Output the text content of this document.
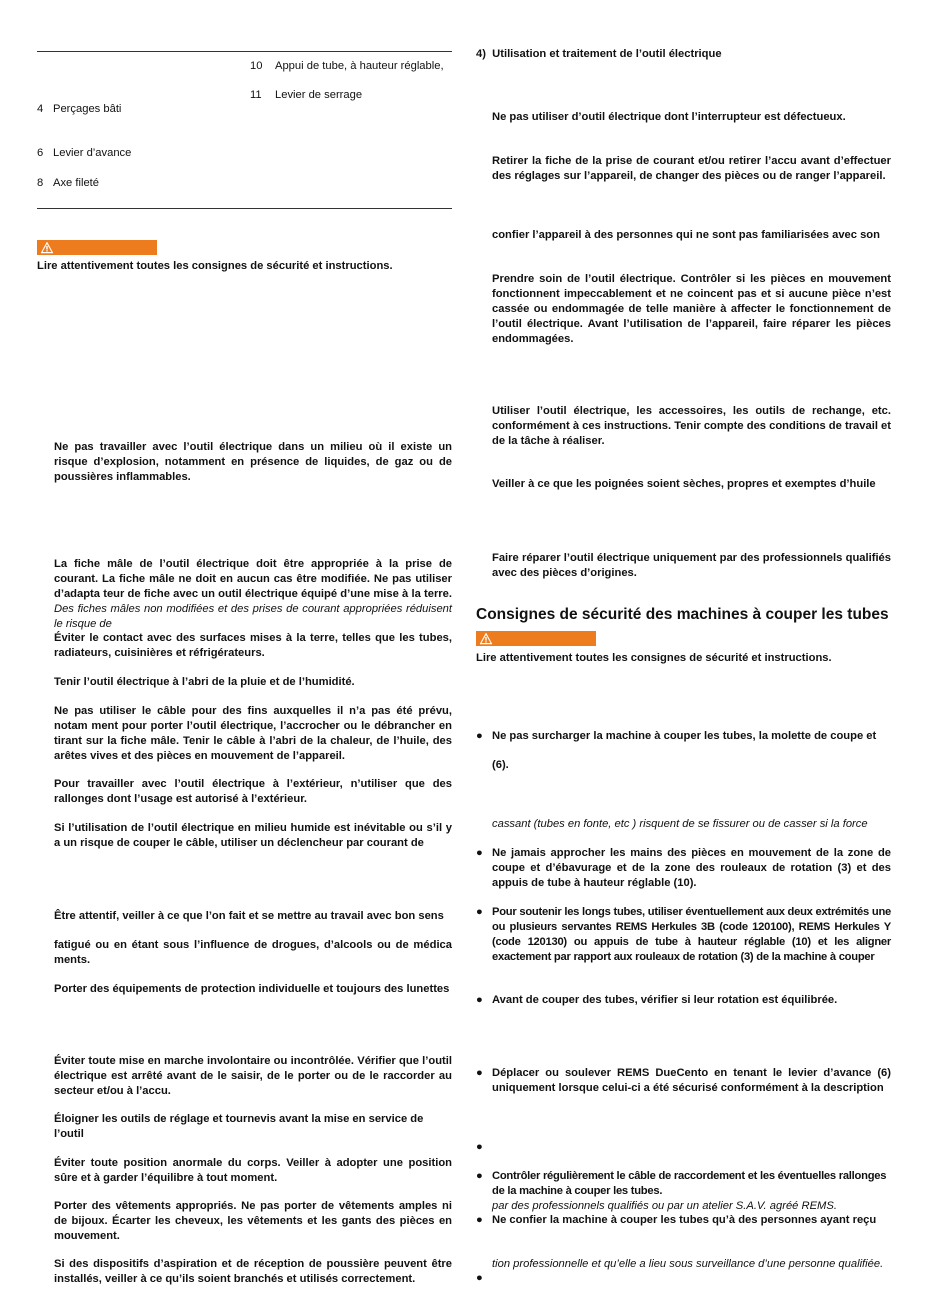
10 Appui de tube, à hauteur réglable,
11 Levier de serrage
4 Perçages bâti
6 Levier d’avance
8 Axe fileté
Lire attentivement toutes les consignes de sécurité et instructions.
Ne pas travailler avec l’outil électrique dans un milieu où il existe un risque d’explosion, notamment en présence de liquides, de gaz ou de poussières inflammables.
La fiche mâle de l’outil électrique doit être appropriée à la prise de courant. La fiche mâle ne doit en aucun cas être modifiée. Ne pas utiliser d’adapta teur de fiche avec un outil électrique équipé d’une mise à la terre. Des fiches mâles non modifiées et des prises de courant appropriées réduisent le risque de
Éviter le contact avec des surfaces mises à la terre, telles que les tubes, radiateurs, cuisinières et réfrigérateurs.
Tenir l’outil électrique à l’abri de la pluie et de l’humidité.
Ne pas utiliser le câble pour des fins auxquelles il n’a pas été prévu, notam ment pour porter l’outil électrique, l’accrocher ou le débrancher en tirant sur la fiche mâle. Tenir le câble à l’abri de la chaleur, de l’huile, des arêtes vives et des pièces en mouvement de l’appareil.
Pour travailler avec l’outil électrique à l’extérieur, n’utiliser que des rallonges dont l’usage est autorisé à l’extérieur.
Si l’utilisation de l’outil électrique en milieu humide est inévitable ou s’il y a un risque de couper le câble, utiliser un déclencheur par courant de
Être attentif, veiller à ce que l’on fait et se mettre au travail avec bon sens
fatigué ou en étant sous l’influence de drogues, d’alcools ou de médica ments.
Porter des équipements de protection individuelle et toujours des lunettes
Éviter toute mise en marche involontaire ou incontrôlée. Vérifier que l’outil électrique est arrêté avant de le saisir, de le porter ou de le raccorder au secteur et/ou à l’accu.
Éloigner les outils de réglage et tournevis avant la mise en service de l’outil
Éviter toute position anormale du corps. Veiller à adopter une position sûre et à garder l’équilibre à tout moment.
Porter des vêtements appropriés. Ne pas porter de vêtements amples ni de bijoux. Écarter les cheveux, les vêtements et les gants des pièces en mouvement.
Si des dispositifs d’aspiration et de réception de poussière peuvent être installés, veiller à ce qu’ils soient branchés et utilisés correctement.
4)  Utilisation et traitement de l’outil électrique
Ne pas utiliser d’outil électrique dont l’interrupteur est défectueux.
Retirer la fiche de la prise de courant et/ou retirer l’accu avant d’effectuer des réglages sur l’appareil, de changer des pièces ou de ranger l’appareil.
confier l’appareil à des personnes qui ne sont pas familiarisées avec son
Prendre soin de l’outil électrique. Contrôler si les pièces en mouvement fonctionnent impeccablement et ne coincent pas et si aucune pièce n’est cassée ou endommagée de telle manière à affecter le fonctionnement de l’outil électrique. Avant l’utilisation de l’appareil, faire réparer les pièces endommagées.
Utiliser l’outil électrique, les accessoires, les outils de rechange, etc. conformément à ces instructions. Tenir compte des conditions de travail et de la tâche à réaliser.
Veiller à ce que les poignées soient sèches, propres et exemptes d’huile
Faire réparer l’outil électrique uniquement par des professionnels qualifiés avec des pièces d’origines.
Consignes de sécurité des machines à couper les tubes
Lire attentivement toutes les consignes de sécurité et instructions.
● Ne pas surcharger la machine à couper les tubes, la molette de coupe et
(6).
cassant (tubes en fonte, etc ) risquent de se fissurer ou de casser si la force
● Ne jamais approcher les mains des pièces en mouvement de la zone de coupe et d’ébavurage et de la zone des rouleaux de rotation (3) et des appuis de tube à hauteur réglable (10).
● Pour soutenir les longs tubes, utiliser éventuellement aux deux extrémités une ou plusieurs servantes REMS Herkules 3B (code 120100), REMS Herkules Y (code 120130) ou appuis de tube à hauteur réglable (10) et les aligner exactement par rapport aux rouleaux de rotation (3) de la machine à couper
● Avant de couper des tubes, vérifier si leur rotation est équilibrée.
● Déplacer ou soulever REMS DueCento en tenant le levier d’avance (6) uniquement lorsque celui-ci a été sécurisé conformément à la description
●
● Contrôler régulièrement le câble de raccordement et les éventuelles rallonges de la machine à couper les tubes.
par des professionnels qualifiés ou par un atelier S.A.V. agréé REMS.
● Ne confier la machine à couper les tubes qu’à des personnes ayant reçu
tion professionnelle et qu’elle a lieu sous surveillance d’une personne qualifiée.
●
